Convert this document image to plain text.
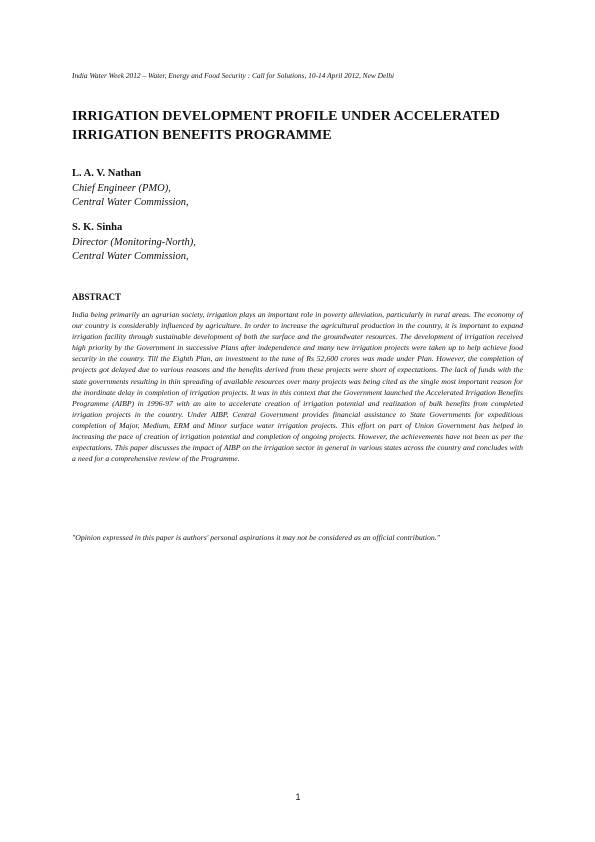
India Water Week 2012 – Water, Energy and Food Security : Call for Solutions, 10-14 April 2012, New Delhi
IRRIGATION DEVELOPMENT PROFILE UNDER ACCELERATED IRRIGATION BENEFITS PROGRAMME
L. A. V. Nathan
Chief Engineer (PMO),
Central Water Commission,
S. K. Sinha
Director (Monitoring-North),
Central Water Commission,
ABSTRACT

India being primarily an agrarian society, irrigation plays an important role in poverty alleviation, particularly in rural areas. The economy of our country is considerably influenced by agriculture. In order to increase the agricultural production in the country, it is important to expand irrigation facility through sustainable development of both the surface and the groundwater resources. The development of irrigation received high priority by the Government in successive Plans after independence and many new irrigation projects were taken up to help achieve food security in the country. Till the Eighth Plan, an investment to the tune of Rs 52,600 crores was made under Plan. However, the completion of projects got delayed due to various reasons and the benefits derived from these projects were short of expectations. The lack of funds with the state governments resulting in thin spreading of available resources over many projects was being cited as the single most important reason for the inordinate delay in completion of irrigation projects. It was in this context that the Government launched the Accelerated Irrigation Benefits Programme (AIBP) in 1996-97 with an aim to accelerate creation of irrigation potential and realization of bulk benefits from completed irrigation projects in the country. Under AIBP, Central Government provides financial assistance to State Governments for expeditious completion of Major, Medium, ERM and Minor surface water irrigation projects. This effort on part of Union Government has helped in increasing the pace of creation of irrigation potential and completion of ongoing projects. However, the achievements have not been as per the expectations. This paper discusses the impact of AIBP on the irrigation sector in general in various states across the country and concludes with a need for a comprehensive review of the Programme.

"Opinion expressed in this paper is authors' personal aspirations it may not be considered as an official contribution."

1
